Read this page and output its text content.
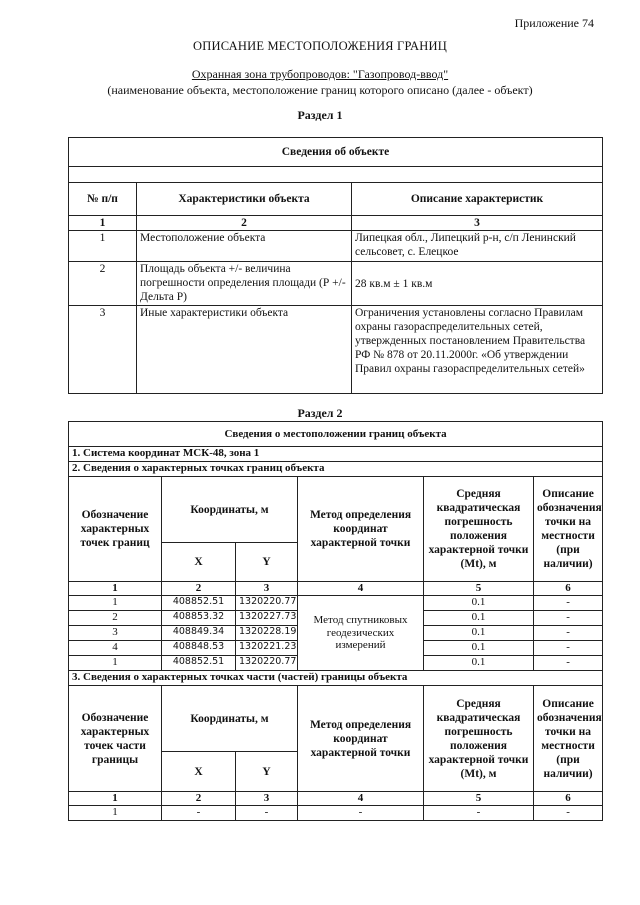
Приложение 74
ОПИСАНИЕ МЕСТОПОЛОЖЕНИЯ ГРАНИЦ
Охранная зона трубопроводов: "Газопровод-ввод"
(наименование объекта, местоположение границ которого описано (далее - объект)
Раздел 1
Сведения об объекте		

№ п/п	Характеристики объекта	Описание характеристик
1	2	3
1	Местоположение объекта	Липецкая обл., Липецкий р-н, с/п Ленинский сельсовет, с. Елецкое
2	Площадь объекта +/- величина погрешности определения площади (Р +/- Дельта Р)	28 кв.м ± 1 кв.м
3	Иные характеристики объекта	Ограничения установлены согласно Правилам охраны газораспределительных сетей, утвержденных постановлением Правительства РФ № 878 от 20.11.2000г. «Об утверждении Правил охраны газораспределительных сетей»
Раздел 2
Сведения о местоположении границ объекта					
1. Система координат МСК-48, зона 1					
2. Сведения о характерных точках границ объекта					
Обозначение характерных точек границ	Координаты, м		Метод определения координат характерной точки	Средняя квадратическая погрешность положения характерной точки (Mt), м	Описание обозначения точки на местности (при наличии)
	X	Y			
1	2	3	4	5	6
1	408852.51	1320220.77	Метод спутниковых геодезических измерений	0.1	-
2	408853.32	1320227.73		0.1	-
3	408849.34	1320228.19		0.1	-
4	408848.53	1320221.23		0.1	-
1	408852.51	1320220.77		0.1	-
3. Сведения о характерных точках части (частей) границы объекта					
Обозначение характерных точек части границы	Координаты, м		Метод определения координат характерной точки	Средняя квадратическая погрешность положения характерной точки (Mt), м	Описание обозначения точки на местности (при наличии)
	X	Y			
1	2	3	4	5	6
1	-	-	-	-	-
